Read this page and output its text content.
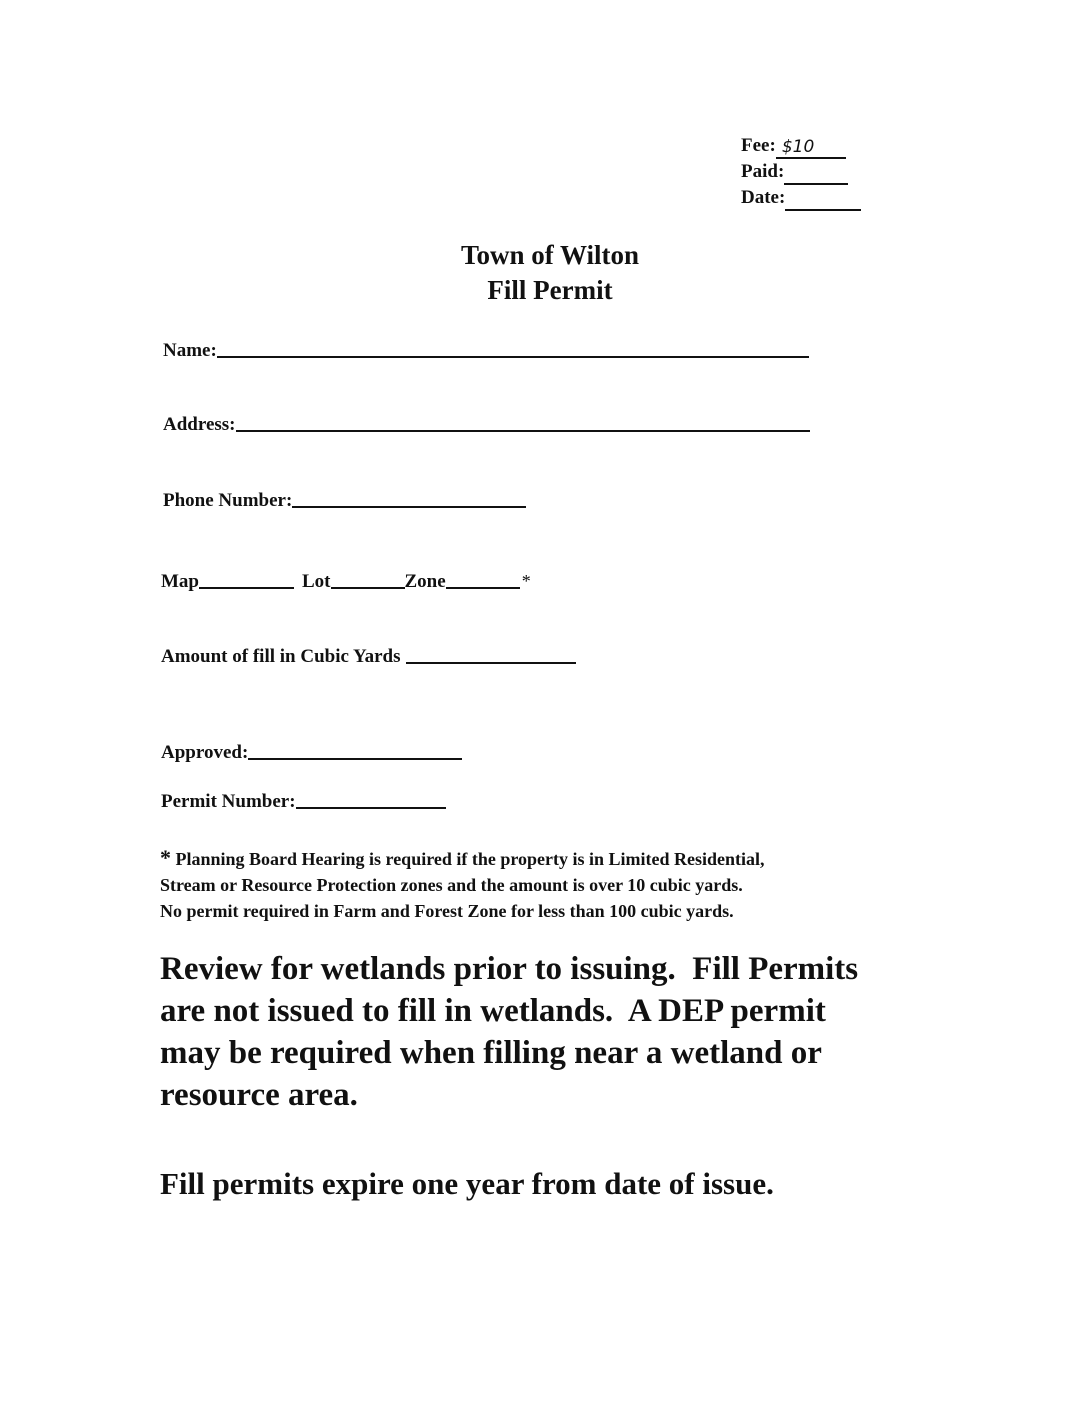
Fee: $10
Paid:
Date:
Town of Wilton
Fill Permit
Name:
Address:
Phone Number:
Map	Lot	Zone	*
Amount of fill in Cubic Yards
Approved:
Permit Number:
* Planning Board Hearing is required if the property is in Limited Residential,
Stream or Resource Protection zones and the amount is over 10 cubic yards.
No permit required in Farm and Forest Zone for less than 100 cubic yards.
Review for wetlands prior to issuing.  Fill Permits
are not issued to fill in wetlands.  A DEP permit
may be required when filling near a wetland or
resource area.
Fill permits expire one year from date of issue.
